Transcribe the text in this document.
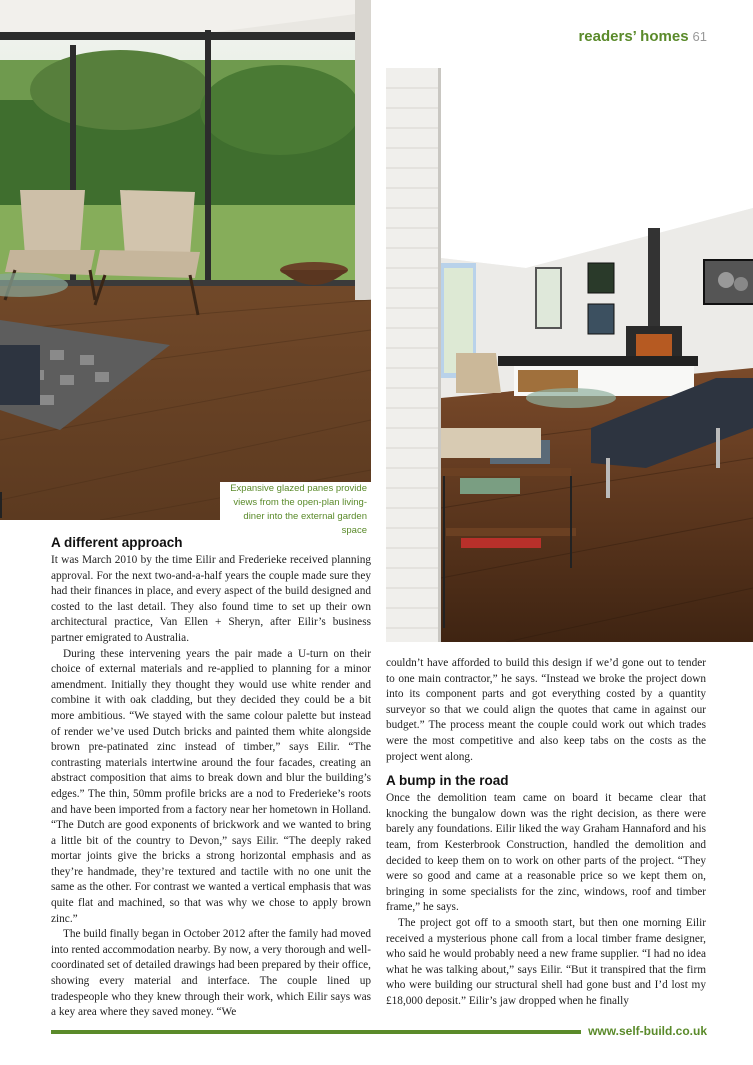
readers’ homes 61
Expansive glazed panes provide views from the open-plan living-diner into the external garden space
A different approach

It was March 2010 by the time Eilir and Frederieke received planning approval. For the next two-and-a-half years the couple made sure they had their finances in place, and every aspect of the build designed and costed to the last detail. They also found time to set up their own architectural practice, Van Ellen + Sheryn, after Eilir’s business partner emigrated to Australia.

During these intervening years the pair made a U-turn on their choice of external materials and re-applied to planning for a minor amendment. Initially they thought they would use white render and combine it with oak cladding, but they decided they could be a bit more ambitious. “We stayed with the same colour palette but instead of render we’ve used Dutch bricks and painted them white alongside brown pre-patinated zinc instead of timber,” says Eilir. “The contrasting materials intertwine around the four facades, creating an abstract composition that aims to break down and blur the building’s edges.” The thin, 50mm profile bricks are a nod to Frederieke’s roots and have been imported from a factory near her hometown in Holland. “The Dutch are good exponents of brickwork and we wanted to bring a little bit of the country to Devon,” says Eilir. “The deeply raked mortar joints give the bricks a strong horizontal emphasis and as they’re handmade, they’re textured and tactile with no one unit the same as the other. For contrast we wanted a vertical emphasis that was quite flat and machined, so that was why we chose to apply brown zinc.”

The build finally began in October 2012 after the family had moved into rented accommodation nearby. By now, a very thorough and well-coordinated set of detailed drawings had been prepared by their office, showing every material and interface. The couple lined up tradespeople who they knew through their work, which Eilir says was a key area where they saved money. “We

couldn’t have afforded to build this design if we’d gone out to tender to one main contractor,” he says. “Instead we broke the project down into its component parts and got everything costed by a quantity surveyor so that we could align the quotes that came in against our budget.” The process meant the couple could work out which trades were the most competitive and also keep tabs on the costs as the project went along.

A bump in the road

Once the demolition team came on board it became clear that knocking the bungalow down was the right decision, as there were barely any foundations. Eilir liked the way Graham Hannaford and his team, from Kesterbrook Construction, handled the demolition and decided to keep them on to work on other parts of the project. “They were so good and came at a reasonable price so we kept them on, bringing in some specialists for the zinc, windows, roof and timber frame,” he says.

The project got off to a smooth start, but then one morning Eilir received a mysterious phone call from a local timber frame designer, who said he would probably need a new frame supplier. “I had no idea what he was talking about,” says Eilir. “But it transpired that the firm who were building our structural shell had gone bust and I’d lost my £18,000 deposit.” Eilir’s jaw dropped when he finally

www.self-build.co.uk
